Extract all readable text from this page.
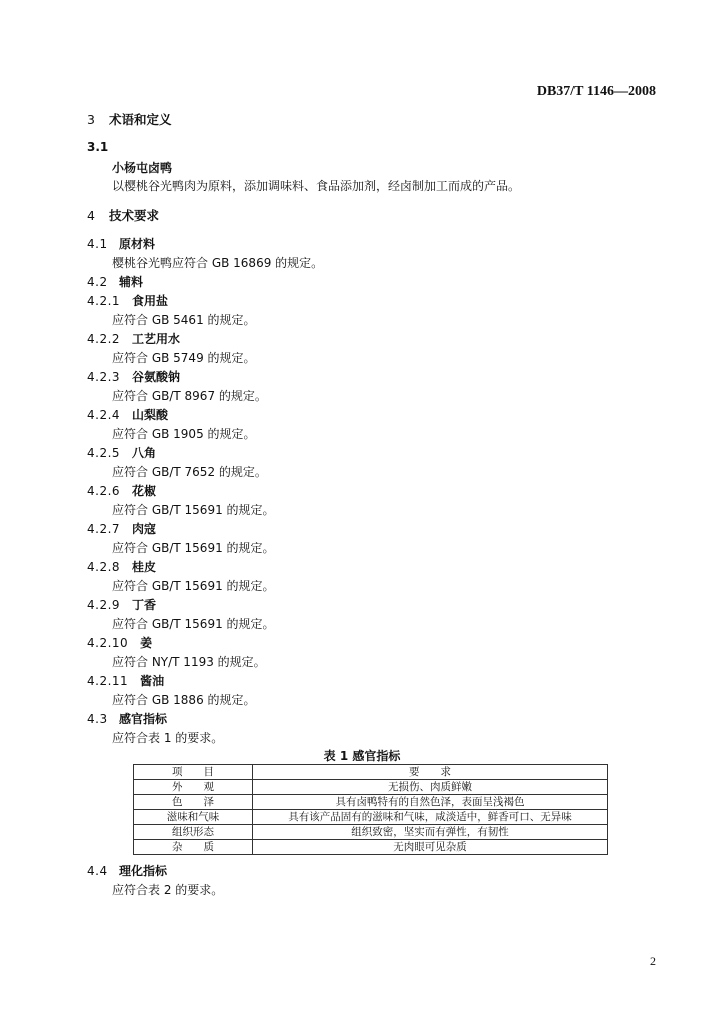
DB37/T 1146—2008
3 术语和定义
3.1
小杨屯卤鸭
以樱桃谷光鸭肉为原料，添加调味料、食品添加剂，经卤制加工而成的产品。
4 技术要求
4.1 原材料
樱桃谷光鸭应符合 GB 16869 的规定。
4.2 辅料
4.2.1 食用盐
应符合 GB 5461 的规定。
4.2.2 工艺用水
应符合 GB 5749 的规定。
4.2.3 谷氨酸钠
应符合 GB/T 8967 的规定。
4.2.4 山梨酸
应符合 GB 1905 的规定。
4.2.5 八角
应符合 GB/T 7652 的规定。
4.2.6 花椒
应符合 GB/T 15691 的规定。
4.2.7 肉寇
应符合 GB/T 15691 的规定。
4.2.8 桂皮
应符合 GB/T 15691 的规定。
4.2.9 丁香
应符合 GB/T 15691 的规定。
4.2.10 姜
应符合 NY/T 1193 的规定。
4.2.11 酱油
应符合 GB 1886 的规定。
4.3 感官指标
应符合表 1 的要求。
表 1 感官指标
项　　目	要　　求
外　　观	无损伤、肉质鲜嫩
色　　泽	具有卤鸭特有的自然色泽，表面呈浅褐色
滋味和气味	具有该产品固有的滋味和气味，咸淡适中，鲜香可口、无异味
组织形态	组织致密，坚实而有弹性，有韧性
杂　　质	无肉眼可见杂质
4.4 理化指标
应符合表 2 的要求。
2
